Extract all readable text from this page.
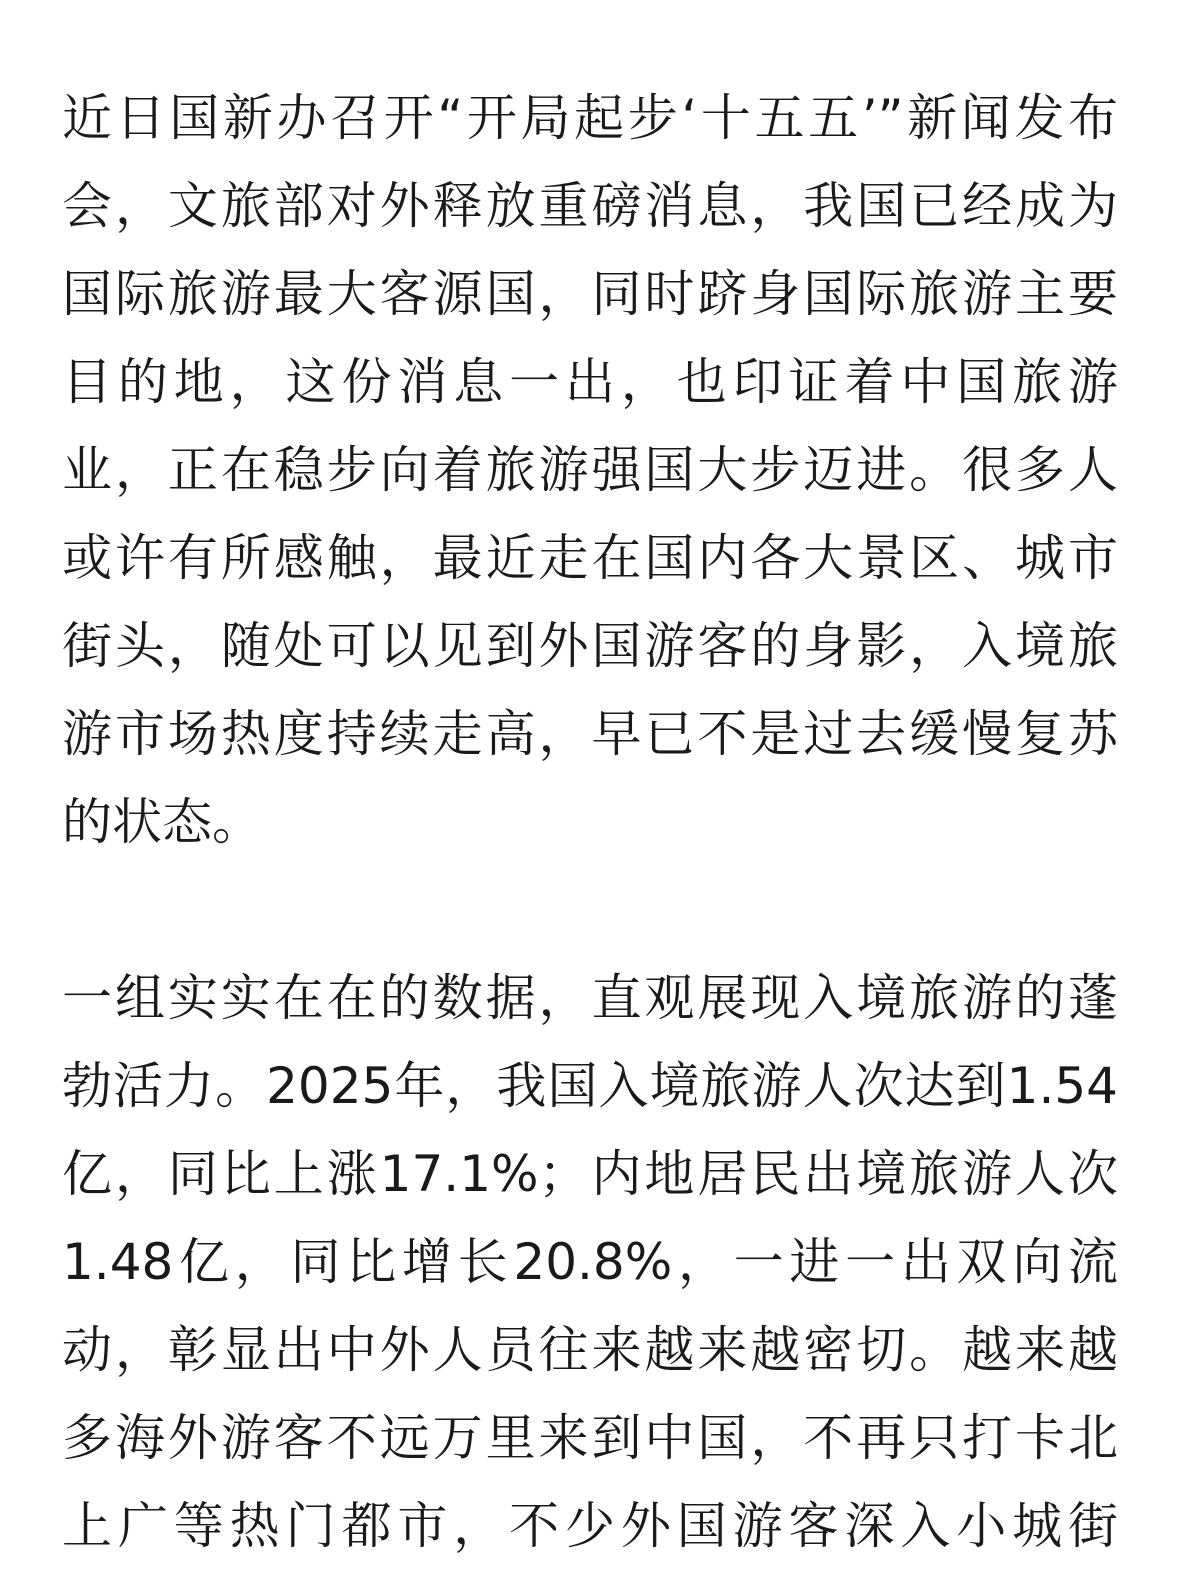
近日国新办召开“开局起步‘十五五’”新闻发布
会，文旅部对外释放重磅消息，我国已经成为
国际旅游最大客源国，同时跻身国际旅游主要
目的地，这份消息一出，也印证着中国旅游
业，正在稳步向着旅游强国大步迈进。很多人
或许有所感触，最近走在国内各大景区、城市
街头，随处可以见到外国游客的身影，入境旅
游市场热度持续走高，早已不是过去缓慢复苏
的状态。
一组实实在在的数据，直观展现入境旅游的蓬
勃活力。2025年，我国入境旅游人次达到1.54
亿，同比上涨17.1%；内地居民出境旅游人次
1.48亿，同比增长20.8%，一进一出双向流
动，彰显出中外人员往来越来越密切。越来越
多海外游客不远万里来到中国，不再只打卡北
上广等热门都市，不少外国游客深入小城街
